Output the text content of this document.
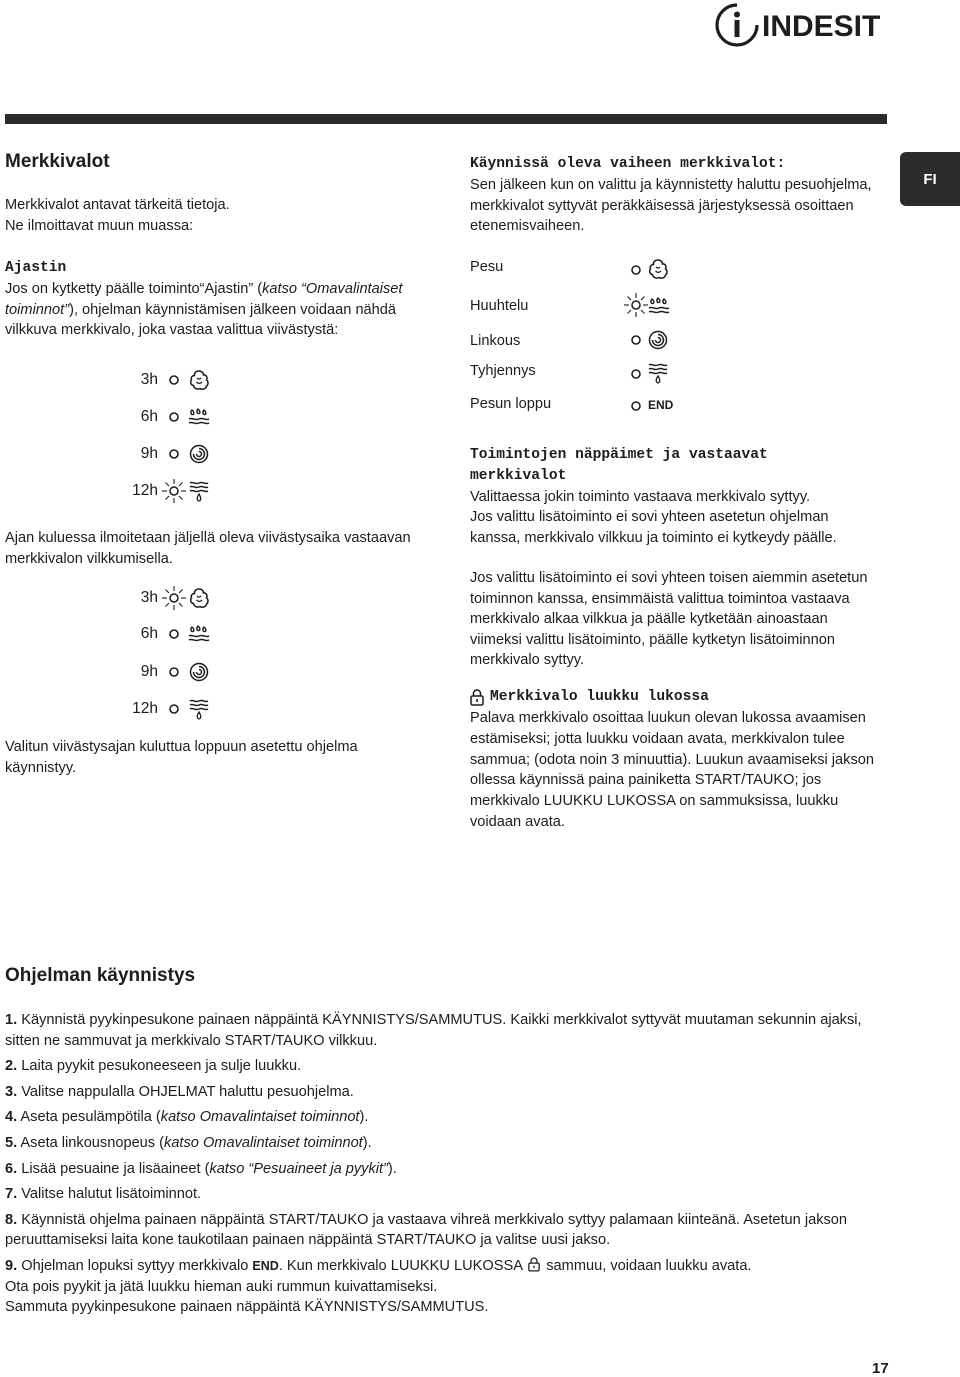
INDESIT
FI
Merkkivalot

Merkkivalot antavat tärkeitä tietoja.

Ne ilmoittavat muun muassa:

Ajastin

Jos on kytketty päälle toiminto“Ajastin” (katso “Omavalintaiset toiminnot”), ohjelman käynnistämisen jälkeen voidaan nähdä vilkkuva merkkivalo, joka vastaa valittua viivästystä:

3h
6h
9h
12h

Ajan kuluessa ilmoitetaan jäljellä oleva viivästysaika vastaavan merkkivalon vilkkumisella.

3h
6h
9h
12h

Valitun viivästysajan kuluttua loppuun asetettu ohjelma käynnistyy.

Käynnissä oleva vaiheen merkkivalot:

Sen jälkeen kun on valittu ja käynnistetty haluttu pesuohjelma, merkkivalot syttyvät peräkkäisessä järjestyksessä osoittaen etenemisvaiheen.

Pesu
Huuhtelu
Linkous
Tyhjennys
Pesun loppu	END

Toimintojen näppäimet ja vastaavat merkkivalot

Valittaessa jokin toiminto vastaava merkkivalo syttyy.

Jos valittu lisätoiminto ei sovi yhteen asetetun ohjelman kanssa, merkkivalo vilkkuu ja toiminto ei kytkeydy päälle.

Jos valittu lisätoiminto ei sovi yhteen toisen aiemmin asetetun toiminnon kanssa, ensimmäistä valittua toimintoa vastaava merkkivalo alkaa vilkkua ja päälle kytketään ainoastaan viimeksi valittu lisätoiminto, päälle kytketyn lisätoiminnon merkkivalo syttyy.

Merkkivalo luukku lukossa

Palava merkkivalo osoittaa luukun olevan lukossa avaamisen estämiseksi; jotta luukku voidaan avata, merkkivalon tulee sammua; (odota noin 3 minuuttia). Luukun avaamiseksi jakson ollessa käynnissä paina painiketta START/TAUKO; jos merkkivalo LUUKKU LUKOSSA on sammuksissa, luukku voidaan avata.

Ohjelman käynnistys
1. Käynnistä pyykinpesukone painaen näppäintä KÄYNNISTYS/SAMMUTUS. Kaikki merkkivalot syttyvät muutaman sekunnin ajaksi, sitten ne sammuvat ja merkkivalo START/TAUKO vilkkuu.
2. Laita pyykit pesukoneeseen ja sulje luukku.
3. Valitse nappulalla OHJELMAT haluttu pesuohjelma.
4. Aseta pesulämpötila (katso Omavalintaiset toiminnot).
5. Aseta linkousnopeus (katso Omavalintaiset toiminnot).
6. Lisää pesuaine ja lisäaineet (katso “Pesuaineet ja pyykit”).
7. Valitse halutut lisätoiminnot.
8. Käynnistä ohjelma painaen näppäintä START/TAUKO ja vastaava vihreä merkkivalo syttyy palamaan kiinteänä. Asetetun jakson peruuttamiseksi laita kone taukotilaan painaen näppäintä START/TAUKO ja valitse uusi jakso.
9. Ohjelman lopuksi syttyy merkkivalo END. Kun merkkivalo LUUKKU LUKOSSA sammuu, voidaan luukku avata.
Ota pois pyykit ja jätä luukku hieman auki rummun kuivattamiseksi.
Sammuta pyykinpesukone painaen näppäintä KÄYNNISTYS/SAMMUTUS.
17
